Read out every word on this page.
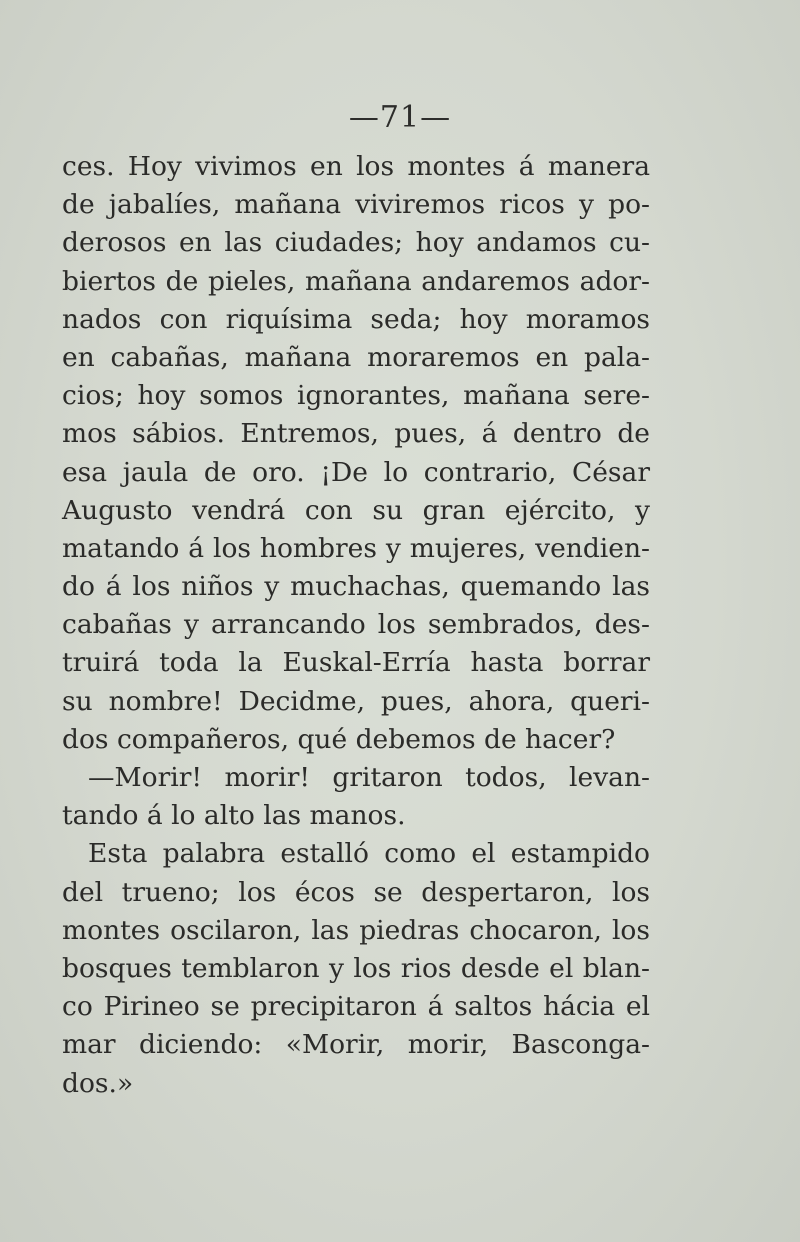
—71—
ces. Hoy vivimos en los montes á manera
de jabalíes, mañana viviremos ricos y po-
derosos en las ciudades; hoy andamos cu-
biertos de pieles, mañana andaremos ador-
nados con riquísima seda; hoy moramos
en cabañas, mañana moraremos en pala-
cios; hoy somos ignorantes, mañana sere-
mos sábios. Entremos, pues, á dentro de
esa jaula de oro. ¡De lo contrario, César
Augusto vendrá con su gran ejército, y
matando á los hombres y mujeres, vendien-
do á los niños y muchachas, quemando las
cabañas y arrancando los sembrados, des-
truirá toda la Euskal-Erría hasta borrar
su nombre! Decidme, pues, ahora, queri-
dos compañeros, qué debemos de hacer?
—Morir! morir! gritaron todos, levan-
tando á lo alto las manos.
Esta palabra estalló como el estampido
del trueno; los écos se despertaron, los
montes oscilaron, las piedras chocaron, los
bosques temblaron y los rios desde el blan-
co Pirineo se precipitaron á saltos hácia el
mar diciendo: «Morir, morir, Basconga-
dos.»
